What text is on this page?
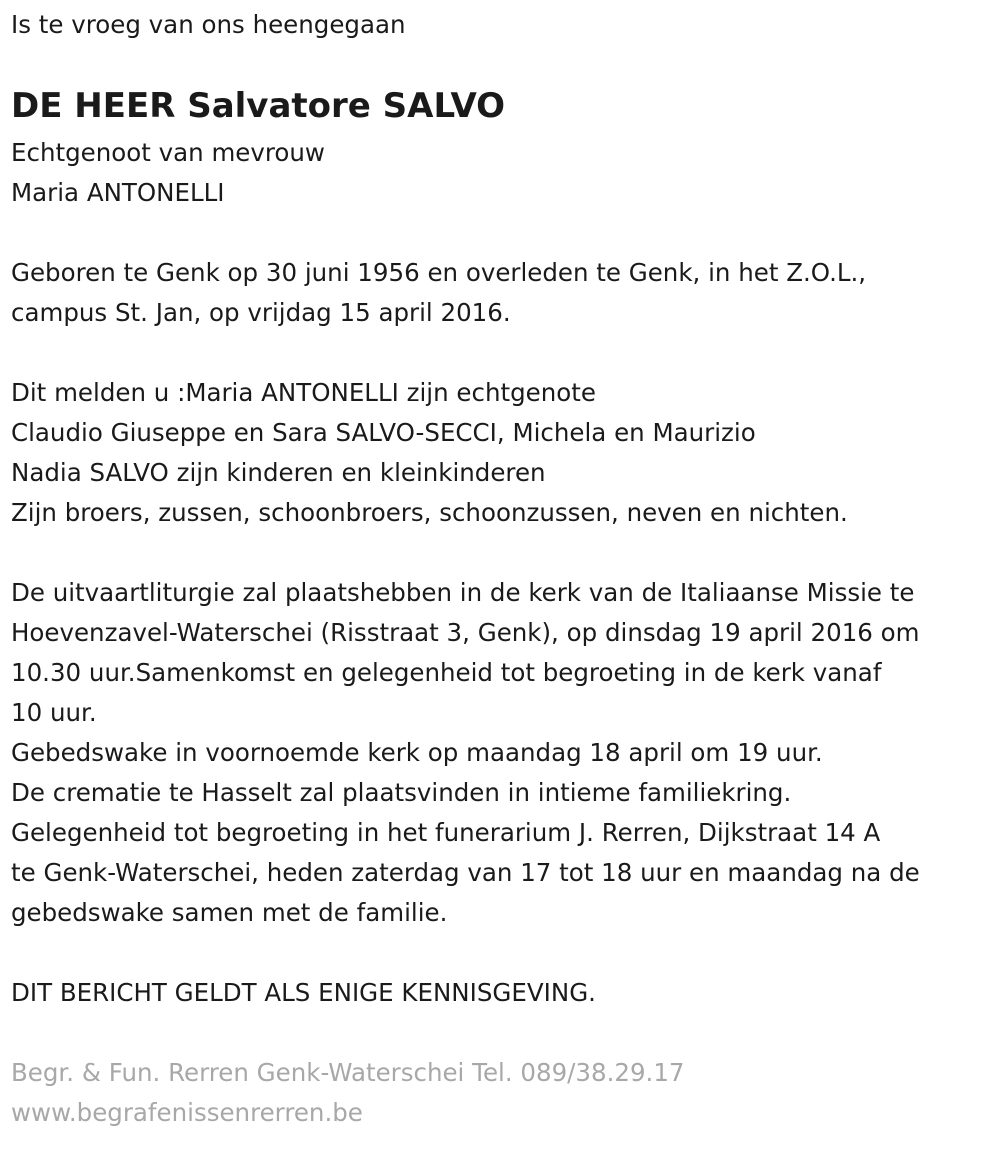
Is te vroeg van ons heengegaan
DE HEER Salvatore SALVO
Echtgenoot van mevrouw
Maria ANTONELLI
Geboren te Genk op 30 juni 1956 en overleden te Genk, in het Z.O.L.,
campus St. Jan, op vrijdag 15 april 2016.
Dit melden u :Maria ANTONELLI zijn echtgenote
Claudio Giuseppe en Sara SALVO-SECCI, Michela en Maurizio
Nadia SALVO zijn kinderen en kleinkinderen
Zijn broers, zussen, schoonbroers, schoonzussen, neven en nichten.
De uitvaartliturgie zal plaatshebben in de kerk van de Italiaanse Missie te
Hoevenzavel-Waterschei (Risstraat 3, Genk), op dinsdag 19 april 2016 om
10.30 uur.Samenkomst en gelegenheid tot begroeting in de kerk vanaf
10 uur.
Gebedswake in voornoemde kerk op maandag 18 april om 19 uur.
De crematie te Hasselt zal plaatsvinden in intieme familiekring.
Gelegenheid tot begroeting in het funerarium J. Rerren, Dijkstraat 14 A
te Genk-Waterschei, heden zaterdag van 17 tot 18 uur en maandag na de
gebedswake samen met de familie.
DIT BERICHT GELDT ALS ENIGE KENNISGEVING.
Begr. & Fun. Rerren Genk-Waterschei Tel. 089/38.29.17
www.begrafenissenrerren.be
